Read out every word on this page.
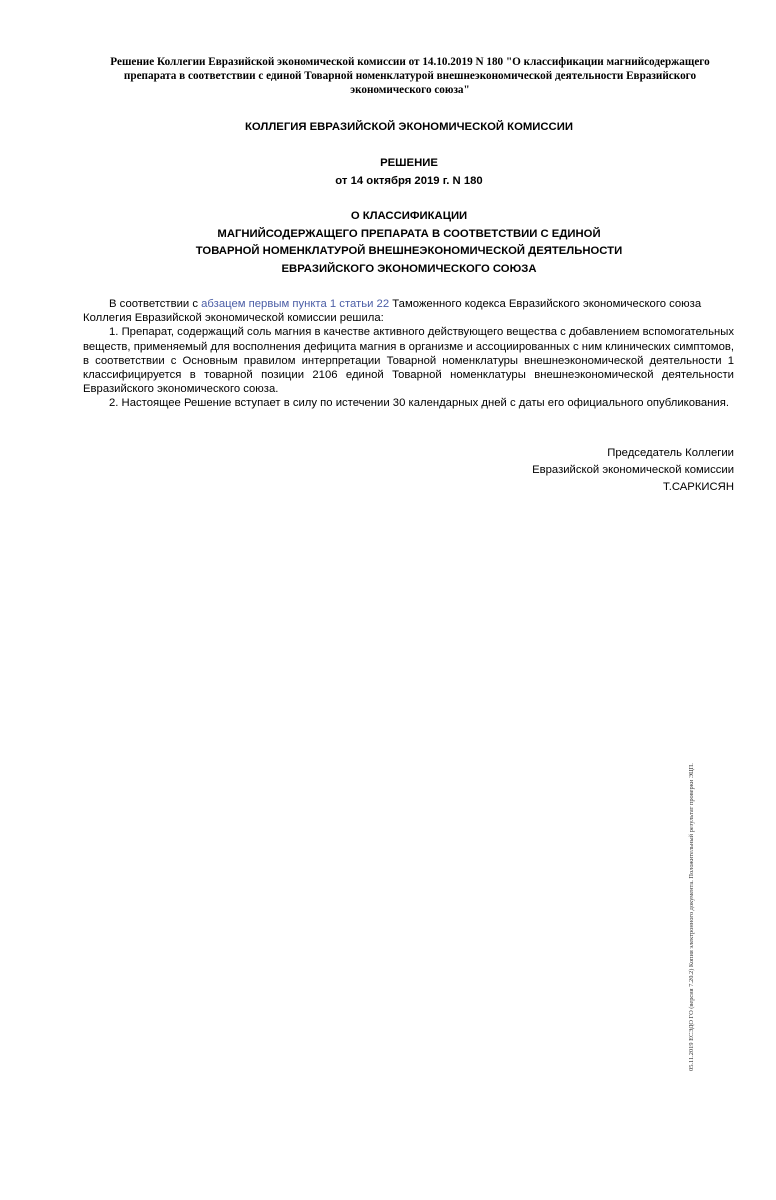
Решение Коллегии Евразийской экономической комиссии от 14.10.2019 N 180 "О классификации магнийсодержащего
препарата в соответствии с единой Товарной номенклатурой внешнеэкономической деятельности Евразийского
экономического союза"
КОЛЛЕГИЯ ЕВРАЗИЙСКОЙ ЭКОНОМИЧЕСКОЙ КОМИССИИ
РЕШЕНИЕ
от 14 октября 2019 г. N 180
О КЛАССИФИКАЦИИ
МАГНИЙСОДЕРЖАЩЕГО ПРЕПАРАТА В СООТВЕТСТВИИ С ЕДИНОЙ
ТОВАРНОЙ НОМЕНКЛАТУРОЙ ВНЕШНЕЭКОНОМИЧЕСКОЙ ДЕЯТЕЛЬНОСТИ
ЕВРАЗИЙСКОГО ЭКОНОМИЧЕСКОГО СОЮЗА

В соответствии с абзацем первым пункта 1 статьи 22 Таможенного кодекса Евразийского экономического союза

Коллегия Евразийской экономической комиссии решила:

1. Препарат, содержащий соль магния в качестве активного действующего вещества с добавлением вспомогательных веществ, применяемый для восполнения дефицита магния в организме и ассоциированных с ним клинических симптомов, в соответствии с Основным правилом интерпретации Товарной номенклатуры внешнеэкономической деятельности 1 классифицируется в товарной позиции 2106 единой Товарной номенклатуры внешнеэкономической деятельности Евразийского экономического союза.

2. Настоящее Решение вступает в силу по истечении 30 календарных дней с даты его официального опубликования.

Председатель Коллегии
Евразийской экономической комиссии
Т.САРКИСЯН
05.11.2019 ЕСЭДО ГО (версия 7.20.2) Копия электронного документа. Положительный результат проверки ЭЦП.
